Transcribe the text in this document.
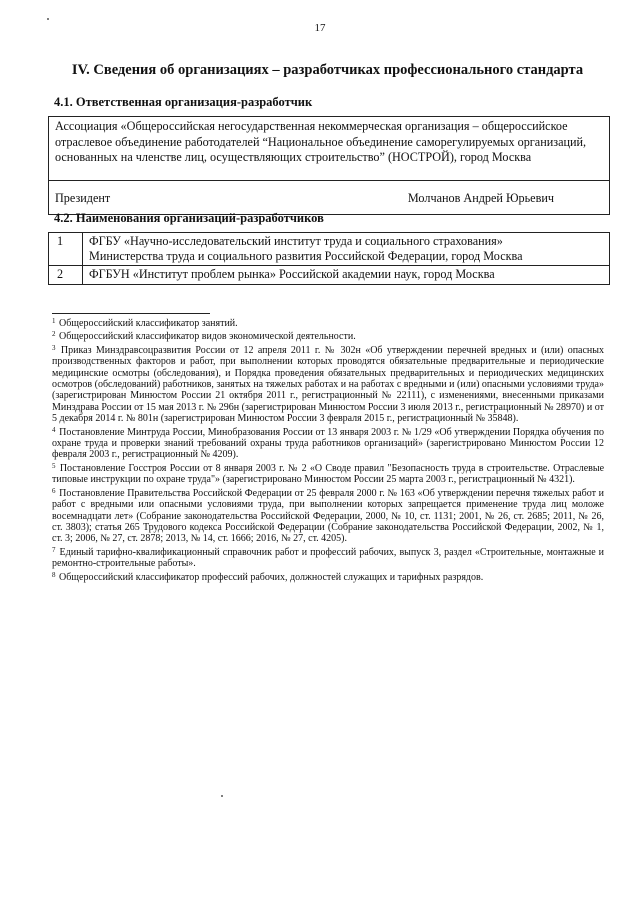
17
IV. Сведения об организациях – разработчиках профессионального стандарта
4.1. Ответственная организация-разработчик
Ассоциация «Общероссийская негосударственная некоммерческая организация – общероссийское отраслевое объединение работодателей “Национальное объединение саморегулируемых организаций, основанных на членстве лиц, осуществляющих строительство” (НОСТРОЙ), город Москва

Президент	Молчанов Андрей Юрьевич
4.2. Наименования организаций-разработчиков
1	ФГБУ «Научно-исследовательский институт труда и социального страхования»
Министерства труда и социального развития Российской Федерации, город Москва

2	ФГБУН «Институт проблем рынка» Российской академии наук, город Москва

$^1$ Общероссийский классификатор занятий.

$^2$ Общероссийский классификатор видов экономической деятельности.

$^3$ Приказ Минздравсоцразвития России от 12 апреля 2011 г. № 302н «Об утверждении перечней вредных и (или) опасных производственных факторов и работ, при выполнении которых проводятся обязательные предварительные и периодические медицинские осмотры (обследования), и Порядка проведения обязательных предварительных и периодических медицинских осмотров (обследований) работников, занятых на тяжелых работах и на работах с вредными и (или) опасными условиями труда» (зарегистрирован Минюстом России 21 октября 2011 г., регистрационный № 22111), с изменениями, внесенными приказами Минздрава России от 15 мая 2013 г. № 296н (зарегистрирован Минюстом России 3 июля 2013 г., регистрационный № 28970) и от 5 декабря 2014 г. № 801н (зарегистрирован Минюстом России 3 февраля 2015 г., регистрационный № 35848).

$^4$ Постановление Минтруда России, Минобразования России от 13 января 2003 г. № 1/29 «Об утверждении Порядка обучения по охране труда и проверки знаний требований охраны труда работников организаций» (зарегистрировано Минюстом России 12 февраля 2003 г., регистрационный № 4209).

$^5$ Постановление Госстроя России от 8 января 2003 г. № 2 «О Своде правил "Безопасность труда в строительстве. Отраслевые типовые инструкции по охране труда"» (зарегистрировано Минюстом России 25 марта 2003 г., регистрационный № 4321).

$^6$ Постановление Правительства Российской Федерации от 25 февраля 2000 г. № 163 «Об утверждении перечня тяжелых работ и работ с вредными или опасными условиями труда, при выполнении которых запрещается применение труда лиц моложе восемнадцати лет» (Собрание законодательства Российской Федерации, 2000, № 10, ст. 1131; 2001, № 26, ст. 2685; 2011, № 26, ст. 3803); статья 265 Трудового кодекса Российской Федерации (Собрание законодательства Российской Федерации, 2002, № 1, ст. 3; 2006, № 27, ст. 2878; 2013, № 14, ст. 1666; 2016, № 27, ст. 4205).

$^7$ Единый тарифно-квалификационный справочник работ и профессий рабочих, выпуск 3, раздел «Строительные, монтажные и ремонтно-строительные работы».

$^8$ Общероссийский классификатор профессий рабочих, должностей служащих и тарифных разрядов.
